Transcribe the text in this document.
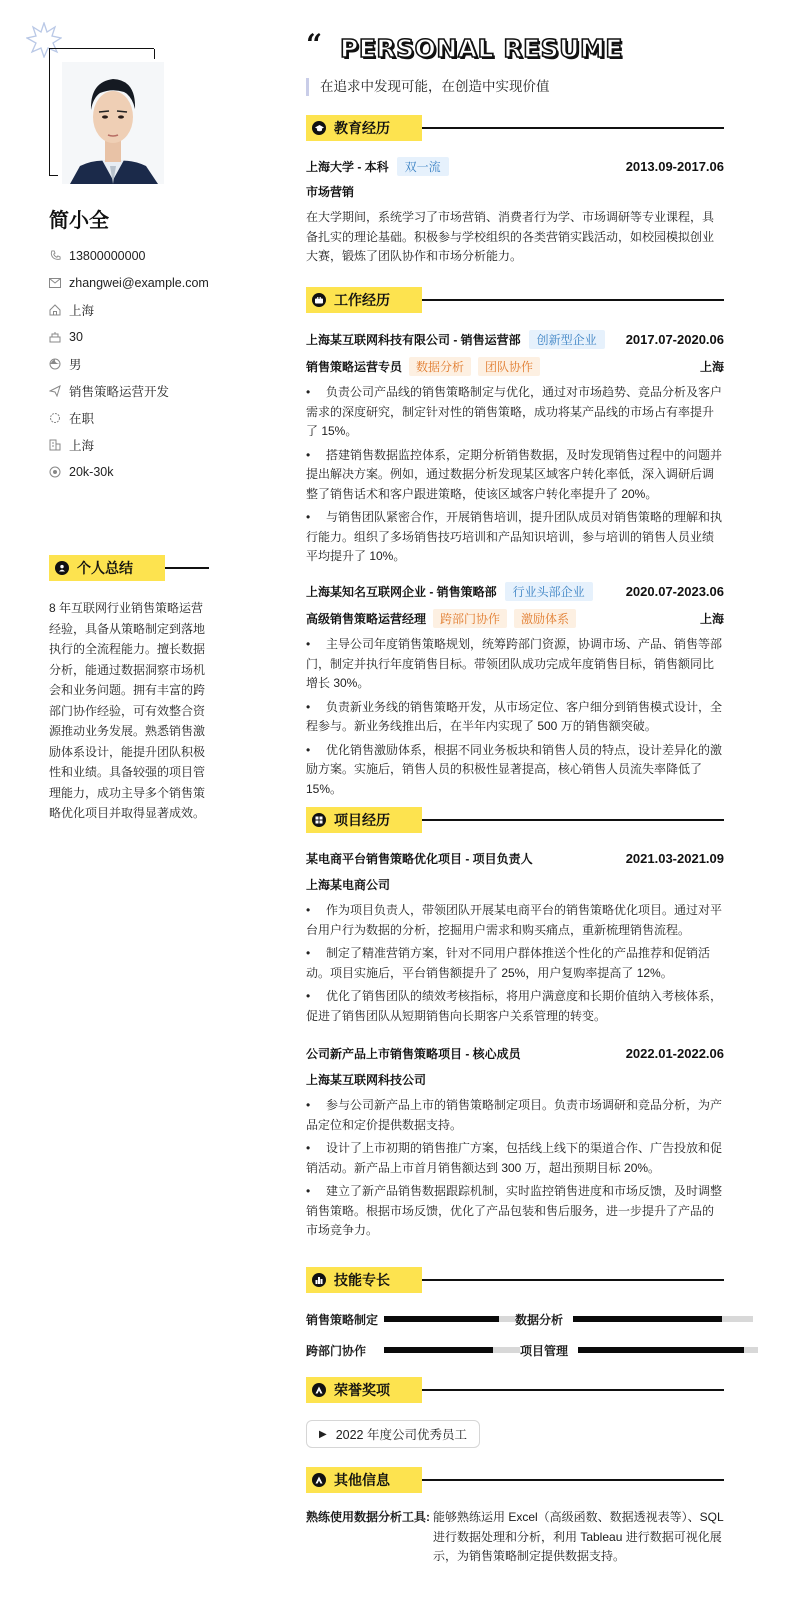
简小全
13800000000
zhangwei@example.com
上海
30
男
销售策略运营开发
在职
上海
20k-30k
个人总结
8 年互联网行业销售策略运营经验，具备从策略制定到落地执行的全流程能力。擅长数据分析，能通过数据洞察市场机会和业务问题。拥有丰富的跨部门协作经验，可有效整合资源推动业务发展。熟悉销售激励体系设计，能提升团队积极性和业绩。具备较强的项目管理能力，成功主导多个销售策略优化项目并取得显著成效。
“ PERSONAL RESUME
在追求中发现可能，在创造中实现价值
教育经历
上海大学 - 本科	双一流	2013.09-2017.06
市场营销
在大学期间，系统学习了市场营销、消费者行为学、市场调研等专业课程，具备扎实的理论基础。积极参与学校组织的各类营销实践活动，如校园模拟创业大赛，锻炼了团队协作和市场分析能力。
工作经历
上海某互联网科技有限公司 - 销售运营部	创新型企业	2017.07-2020.06
销售策略运营专员	数据分析	团队协作	上海
• 负责公司产品线的销售策略制定与优化，通过对市场趋势、竞品分析及客户需求的深度研究，制定针对性的销售策略，成功将某产品线的市场占有率提升了 15%。
• 搭建销售数据监控体系，定期分析销售数据，及时发现销售过程中的问题并提出解决方案。例如，通过数据分析发现某区域客户转化率低，深入调研后调整了销售话术和客户跟进策略，使该区域客户转化率提升了 20%。
• 与销售团队紧密合作，开展销售培训，提升团队成员对销售策略的理解和执行能力。组织了多场销售技巧培训和产品知识培训，参与培训的销售人员业绩平均提升了 10%。
上海某知名互联网企业 - 销售策略部	行业头部企业	2020.07-2023.06
高级销售策略运营经理	跨部门协作	激励体系	上海
• 主导公司年度销售策略规划，统筹跨部门资源，协调市场、产品、销售等部门，制定并执行年度销售目标。带领团队成功完成年度销售目标，销售额同比增长 30%。
• 负责新业务线的销售策略开发，从市场定位、客户细分到销售模式设计，全程参与。新业务线推出后，在半年内实现了 500 万的销售额突破。
• 优化销售激励体系，根据不同业务板块和销售人员的特点，设计差异化的激励方案。实施后，销售人员的积极性显著提高，核心销售人员流失率降低了 15%。
项目经历
某电商平台销售策略优化项目 - 项目负责人	2021.03-2021.09
上海某电商公司
• 作为项目负责人，带领团队开展某电商平台的销售策略优化项目。通过对平台用户行为数据的分析，挖掘用户需求和购买痛点，重新梳理销售流程。
• 制定了精准营销方案，针对不同用户群体推送个性化的产品推荐和促销活动。项目实施后，平台销售额提升了 25%，用户复购率提高了 12%。
• 优化了销售团队的绩效考核指标，将用户满意度和长期价值纳入考核体系，促进了销售团队从短期销售向长期客户关系管理的转变。
公司新产品上市销售策略项目 - 核心成员	2022.01-2022.06
上海某互联网科技公司
• 参与公司新产品上市的销售策略制定项目。负责市场调研和竞品分析，为产品定位和定价提供数据支持。
• 设计了上市初期的销售推广方案，包括线上线下的渠道合作、广告投放和促销活动。新产品上市首月销售额达到 300 万，超出预期目标 20%。
• 建立了新产品销售数据跟踪机制，实时监控销售进度和市场反馈，及时调整销售策略。根据市场反馈，优化了产品包装和售后服务，进一步提升了产品的市场竞争力。
技能专长
销售策略制定	数据分析
跨部门协作	项目管理
荣誉奖项
▶ 2022 年度公司优秀员工
其他信息
熟练使用数据分析工具: 能够熟练运用 Excel（高级函数、数据透视表等）、SQL 进行数据处理和分析，利用 Tableau 进行数据可视化展示，为销售策略制定提供数据支持。
